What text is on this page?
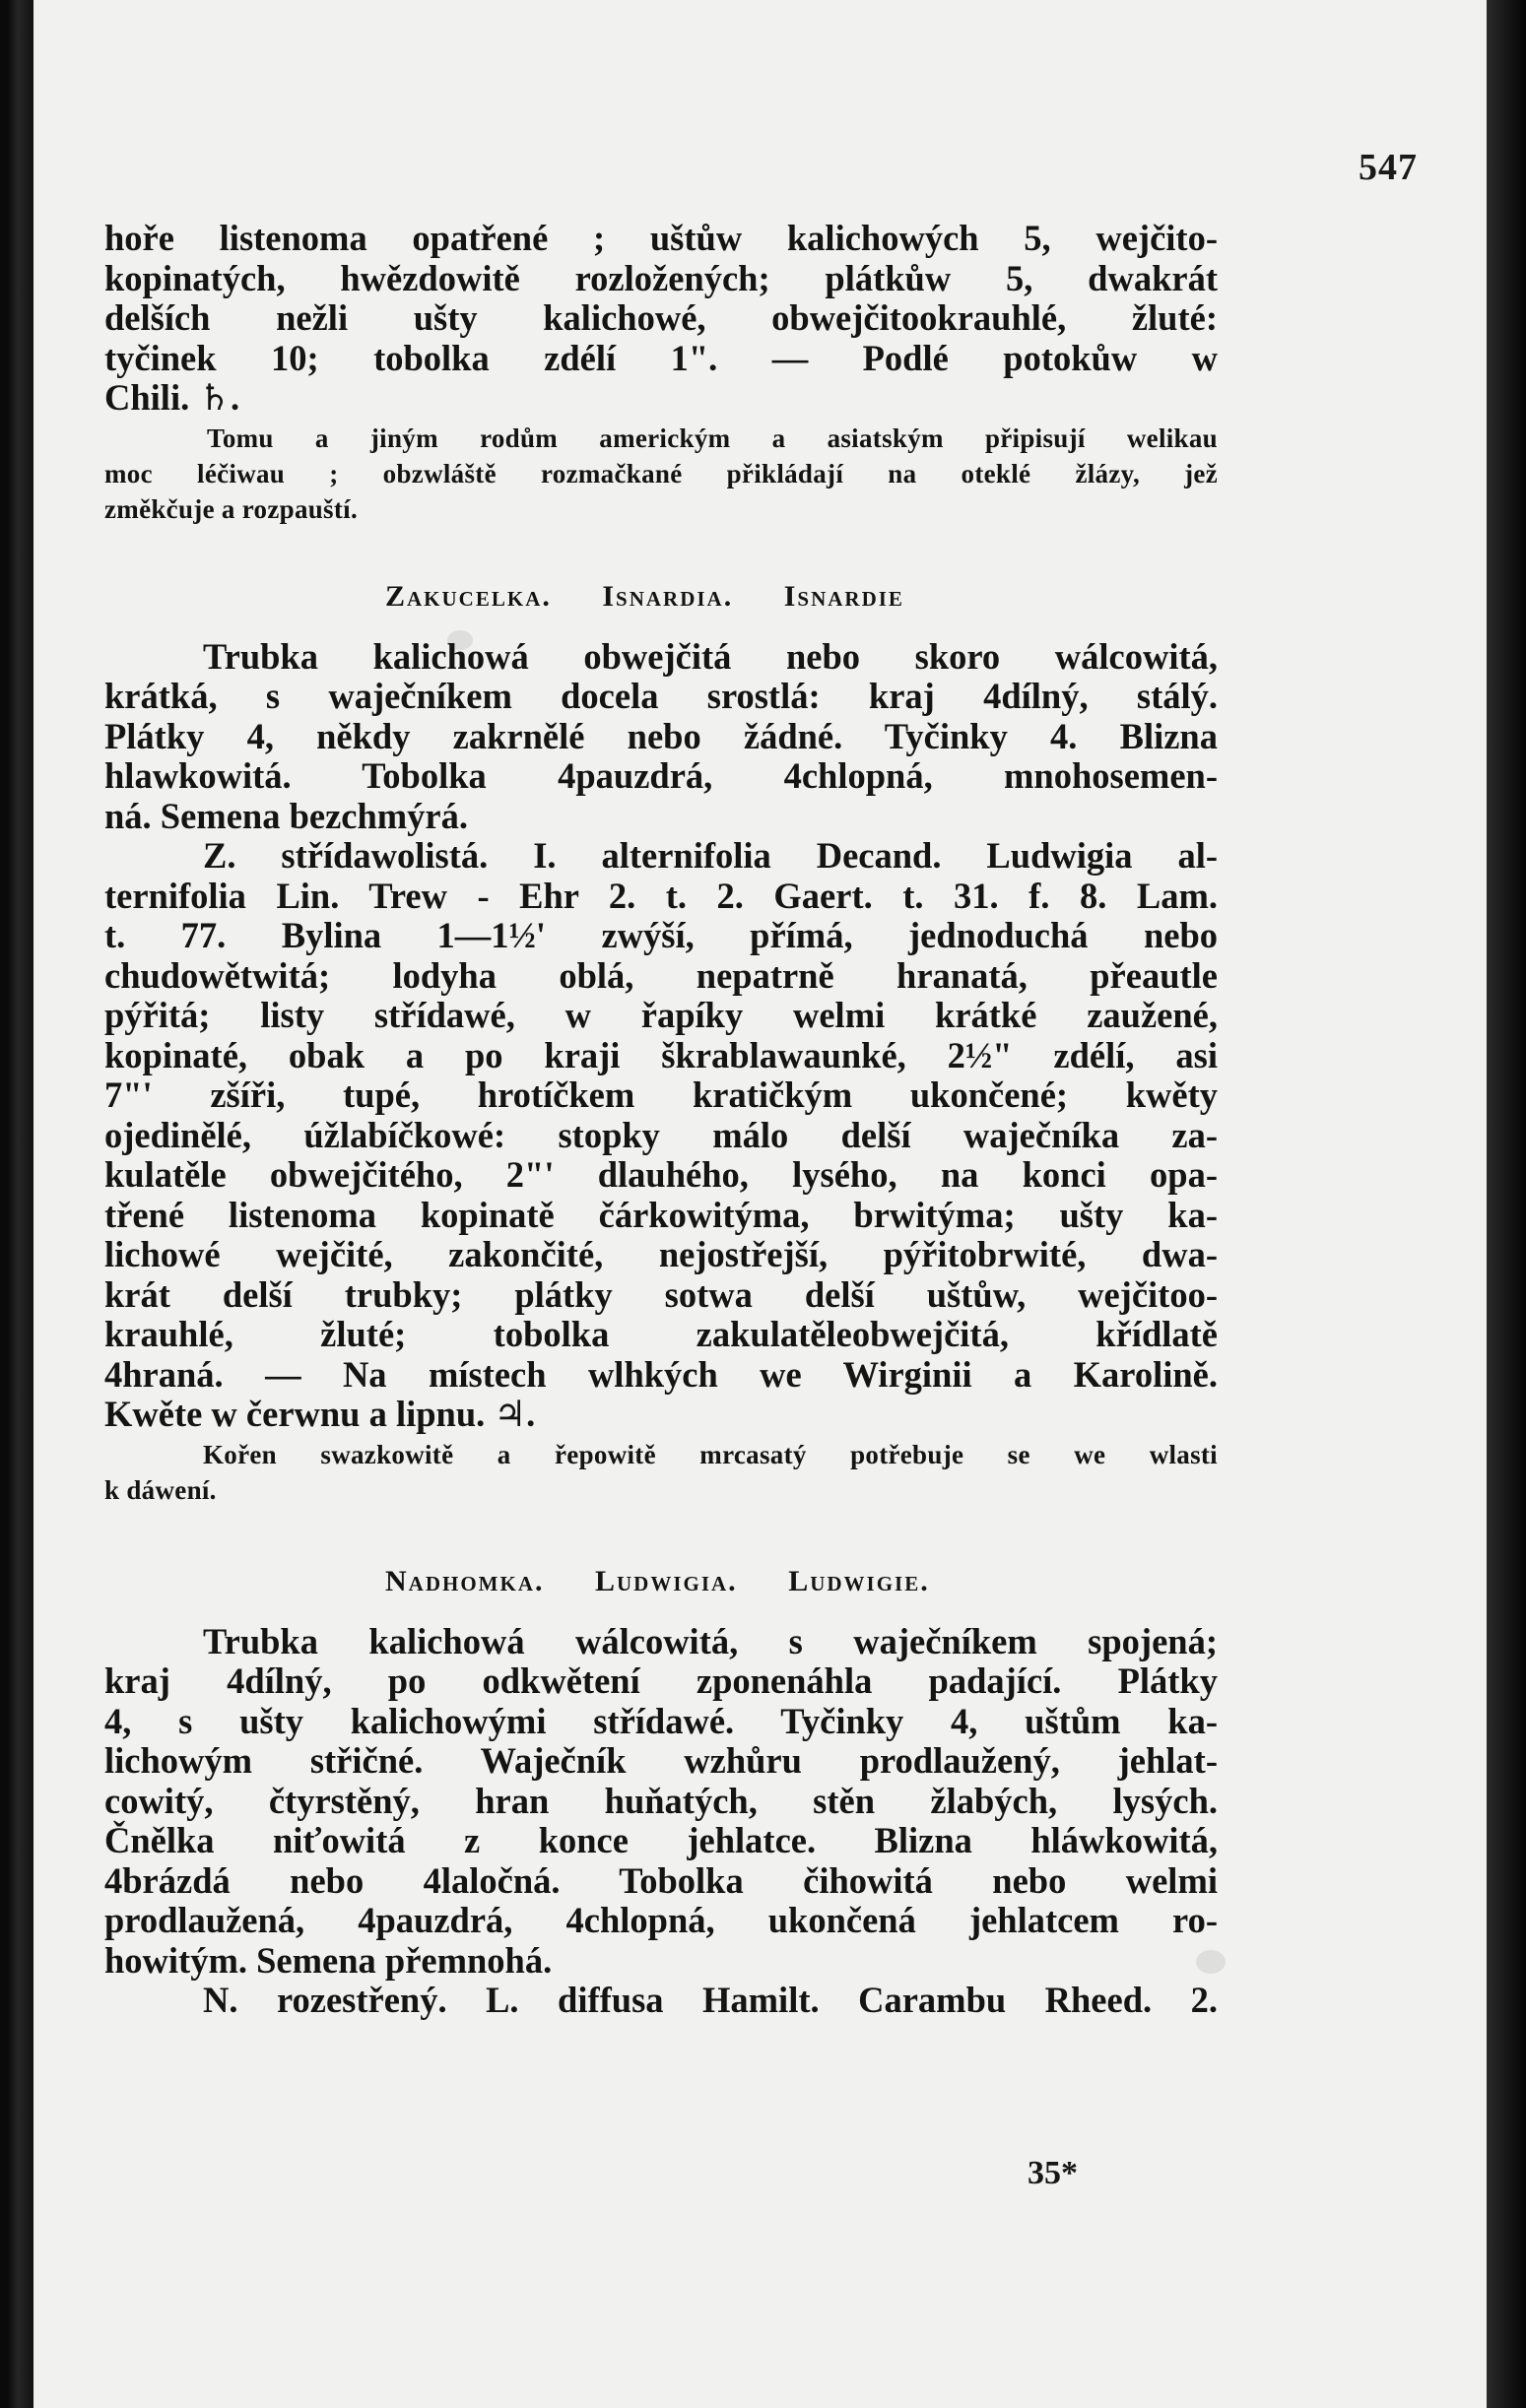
547

hoře listenoma opatřené ; uštůw kalichowých 5, wejčito-
kopinatých, hwězdowitě rozložených; plátkůw 5, dwakrát
delších nežli ušty kalichowé, obwejčitookrauhlé, žluté:
tyčinek 10; tobolka zdélí 1". — Podlé potokůw w
Chili. ♄.

Tomu a jiným rodům americkým a asiatským připisují welikau
moc léčiwau ; obzwláště rozmačkané přikládají na oteklé žlázy, jež
změkčuje a rozpauští.

Zakucelka. Isnardia. Isnardie

Trubka kalichowá obwejčitá nebo skoro wálcowitá,
krátká, s waječníkem docela srostlá: kraj 4dílný, stálý.
Plátky 4, někdy zakrnělé nebo žádné. Tyčinky 4. Blizna
hlawkowitá. Tobolka 4pauzdrá, 4chlopná, mnohosemen-
ná. Semena bezchmýrá.

Z. střídawolistá. I. alternifolia Decand. Ludwigia al-
ternifolia Lin. Trew - Ehr 2. t. 2. Gaert. t. 31. f. 8. Lam.
t. 77. Bylina 1—1½' zwýší, přímá, jednoduchá nebo
chudowětwitá; lodyha oblá, nepatrně hranatá, přeautle
pýřitá; listy střídawé, w řapíky welmi krátké zaužené,
kopinaté, obak a po kraji škrablawaunké, 2½" zdélí, asi
7"' zšíři, tupé, hrotíčkem kratičkým ukončené; kwěty
ojedinělé, úžlabíčkowé: stopky málo delší waječníka za-
kulatěle obwejčitého, 2"' dlauhého, lysého, na konci opa-
třené listenoma kopinatě čárkowitýma, brwitýma; ušty ka-
lichowé wejčité, zakončité, nejostřejší, pýřitobrwité, dwa-
krát delší trubky; plátky sotwa delší uštůw, wejčitoo-
krauhlé, žluté; tobolka zakulatěleobwejčitá, křídlatě
4hraná. — Na místech wlhkých we Wirginii a Karolině.
Kwěte w čerwnu a lipnu. ♃.

Kořen swazkowitě a řepowitě mrcasatý potřebuje se we wlasti
k dáwení.

Nadhomka. Ludwigia. Ludwigie.

Trubka kalichowá wálcowitá, s waječníkem spojená;
kraj 4dílný, po odkwětení zponenáhla padající. Plátky
4, s ušty kalichowými střídawé. Tyčinky 4, uštům ka-
lichowým střičné. Waječník wzhůru prodlaužený, jehlat-
cowitý, čtyrstěný, hran huňatých, stěn žlabých, lysých.
Čnělka niťowitá z konce jehlatce. Blizna hláwkowitá,
4brázdá nebo 4laločná. Tobolka čihowitá nebo welmi
prodlaužená, 4pauzdrá, 4chlopná, ukončená jehlatcem ro-
howitým. Semena přemnohá.

N. rozestřený. L. diffusa Hamilt. Carambu Rheed. 2.

35*
